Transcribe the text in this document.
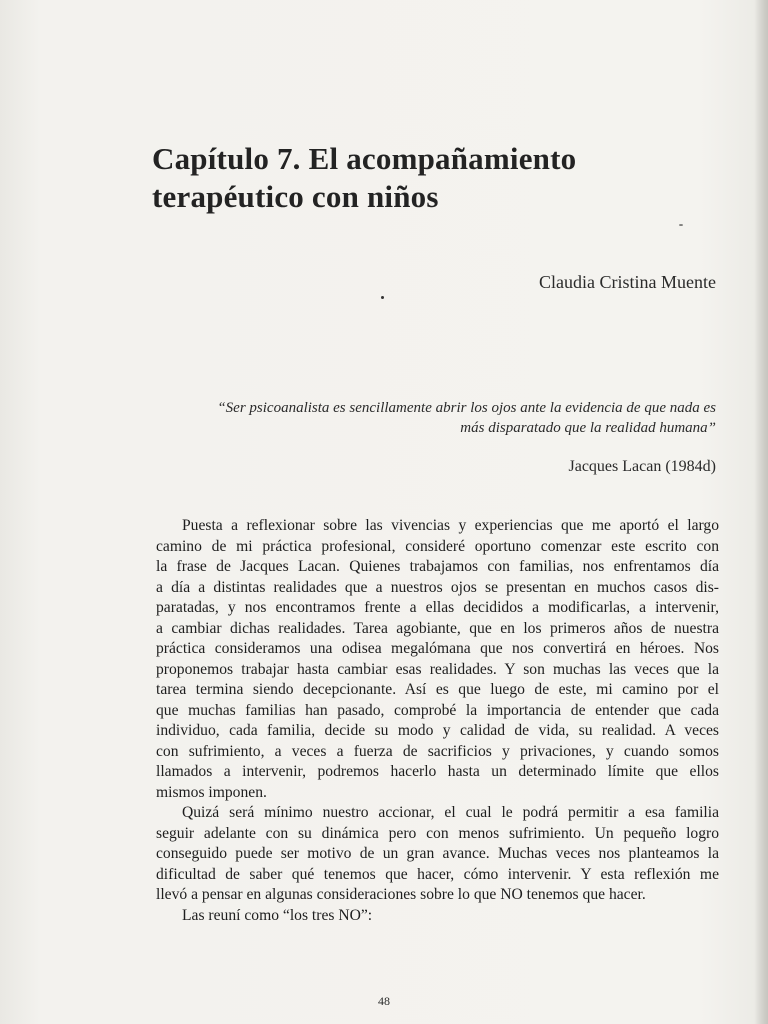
Capítulo 7. El acompañamiento
terapéutico con niños
Claudia Cristina Muente
“Ser psicoanalista es sencillamente abrir los ojos ante la evidencia de que nada es
más disparatado que la realidad humana”
Jacques Lacan (1984d)

Puesta a reflexionar sobre las vivencias y experiencias que me aportó el largo
camino de mi práctica profesional, consideré oportuno comenzar este escrito con
la frase de Jacques Lacan. Quienes trabajamos con familias, nos enfrentamos día
a día a distintas realidades que a nuestros ojos se presentan en muchos casos dis-
paratadas, y nos encontramos frente a ellas decididos a modificarlas, a intervenir,
a cambiar dichas realidades. Tarea agobiante, que en los primeros años de nuestra
práctica consideramos una odisea megalómana que nos convertirá en héroes. Nos
proponemos trabajar hasta cambiar esas realidades. Y son muchas las veces que la
tarea termina siendo decepcionante. Así es que luego de este, mi camino por el
que muchas familias han pasado, comprobé la importancia de entender que cada
individuo, cada familia, decide su modo y calidad de vida, su realidad. A veces
con sufrimiento, a veces a fuerza de sacrificios y privaciones, y cuando somos
llamados a intervenir, podremos hacerlo hasta un determinado límite que ellos
mismos imponen.

Quizá será mínimo nuestro accionar, el cual le podrá permitir a esa familia
seguir adelante con su dinámica pero con menos sufrimiento. Un pequeño logro
conseguido puede ser motivo de un gran avance. Muchas veces nos planteamos la
dificultad de saber qué tenemos que hacer, cómo intervenir. Y esta reflexión me
llevó a pensar en algunas consideraciones sobre lo que NO tenemos que hacer.

Las reuní como “los tres NO”:

48
